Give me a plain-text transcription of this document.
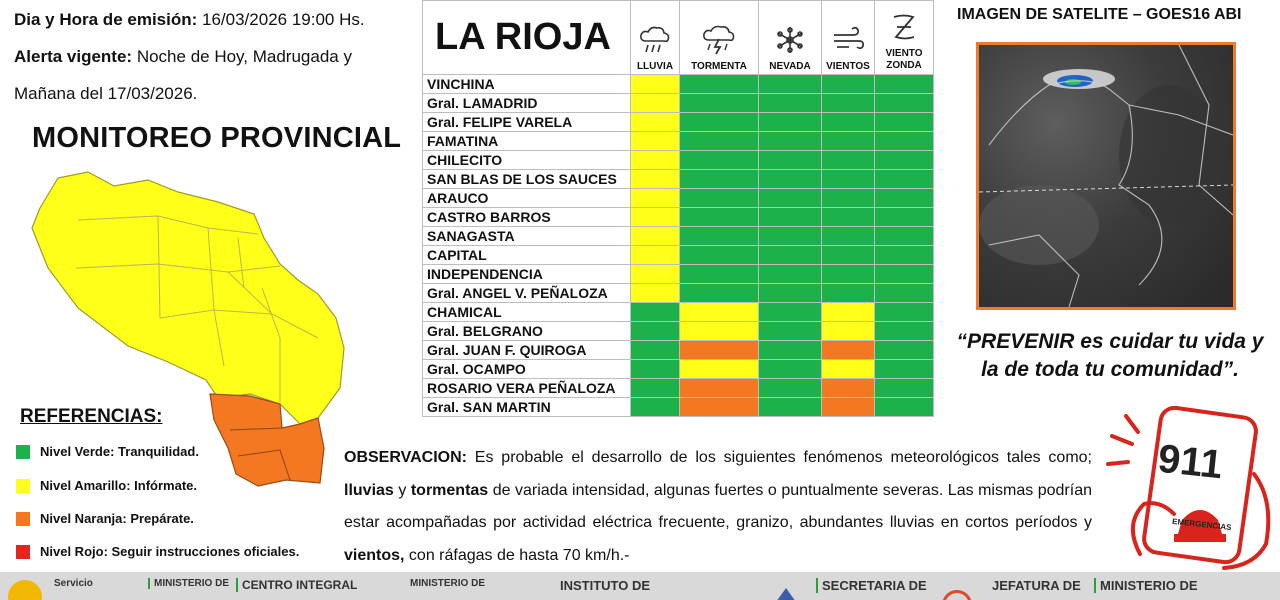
Dia y Hora de emisión: 16/03/2026 19:00 Hs.
Alerta vigente: Noche de Hoy, Madrugada y
Mañana del 17/03/2026.
MONITOREO PROVINCIAL
REFERENCIAS:
Nivel Verde: Tranquilidad.
Nivel Amarillo: Infórmate.
Nivel Naranja: Prepárate.
Nivel Rojo: Seguir instrucciones oficiales.
LA RIOJA	LLUVIA	TORMENTA	NEVADA	VIENTOS	VIENTO ZONDA
VINCHINA					
Gral. LAMADRID					
Gral. FELIPE VARELA					
FAMATINA					
CHILECITO					
SAN BLAS DE LOS SAUCES					
ARAUCO					
CASTRO BARROS					
SANAGASTA					
CAPITAL					
INDEPENDENCIA					
Gral. ANGEL V. PEÑALOZA					
CHAMICAL					
Gral. BELGRANO					
Gral. JUAN F. QUIROGA					
Gral. OCAMPO					
ROSARIO VERA PEÑALOZA					
Gral. SAN MARTIN					
IMAGEN DE SATELITE – GOES16 ABI
“PREVENIR es cuidar tu vida y
la de toda tu comunidad”.
911
EMERGENCIAS
OBSERVACION: Es probable el desarrollo de los siguientes fenómenos meteorológicos tales como; lluvias y tormentas de variada intensidad, algunas fuertes o puntualmente severas. Las mismas podrían estar acompañadas por actividad eléctrica frecuente, granizo, abundantes lluvias en cortos períodos y vientos, con ráfagas de hasta 70 km/h.-
Servicio	MINISTERIO DE	CENTRO INTEGRAL	MINISTERIO DE	INSTITUTO DE	SECRETARIA DE	JEFATURA DE	MINISTERIO DE
